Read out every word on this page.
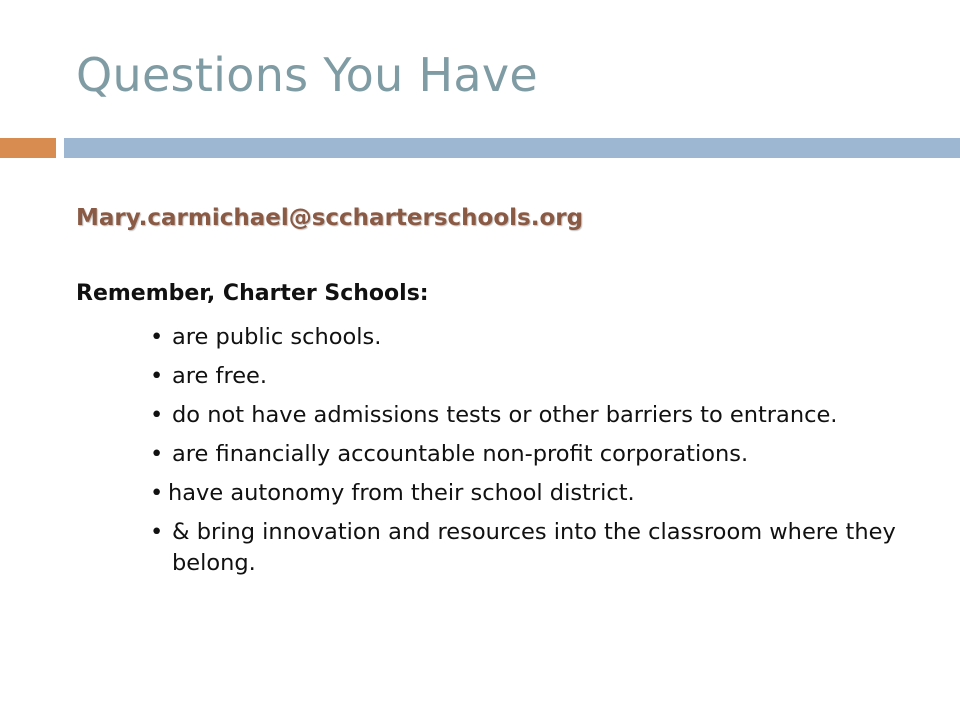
Questions You Have
Mary.carmichael@sccharterschools.org

Remember, Charter Schools:

• are public schools.
• are free.
• do not have admissions tests or other barriers to entrance.
• are financially accountable non-profit corporations.
• have autonomy from their school district.
• & bring innovation and resources into the classroom where they belong.
